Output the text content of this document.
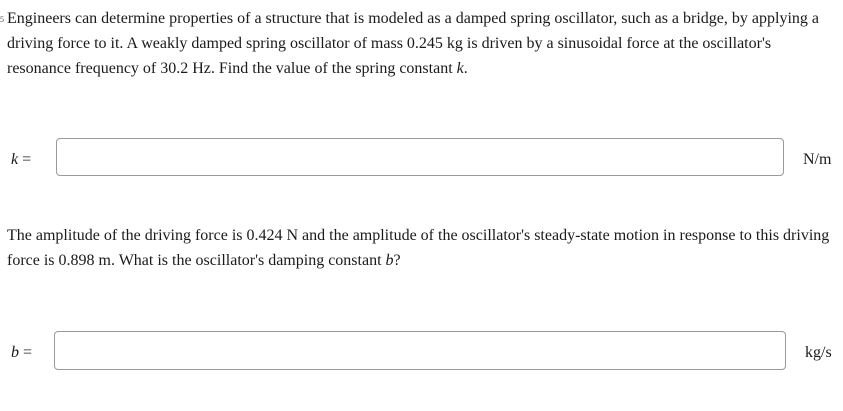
5 Engineers can determine properties of a structure that is modeled as a damped spring oscillator, such as a bridge, by applying a driving force to it. A weakly damped spring oscillator of mass 0.245 kg is driven by a sinusoidal force at the oscillator's resonance frequency of 30.2 Hz. Find the value of the spring constant k.

k =	N/m

The amplitude of the driving force is 0.424 N and the amplitude of the oscillator's steady-state motion in response to this driving force is 0.898 m. What is the oscillator's damping constant b?

b =	kg/s
